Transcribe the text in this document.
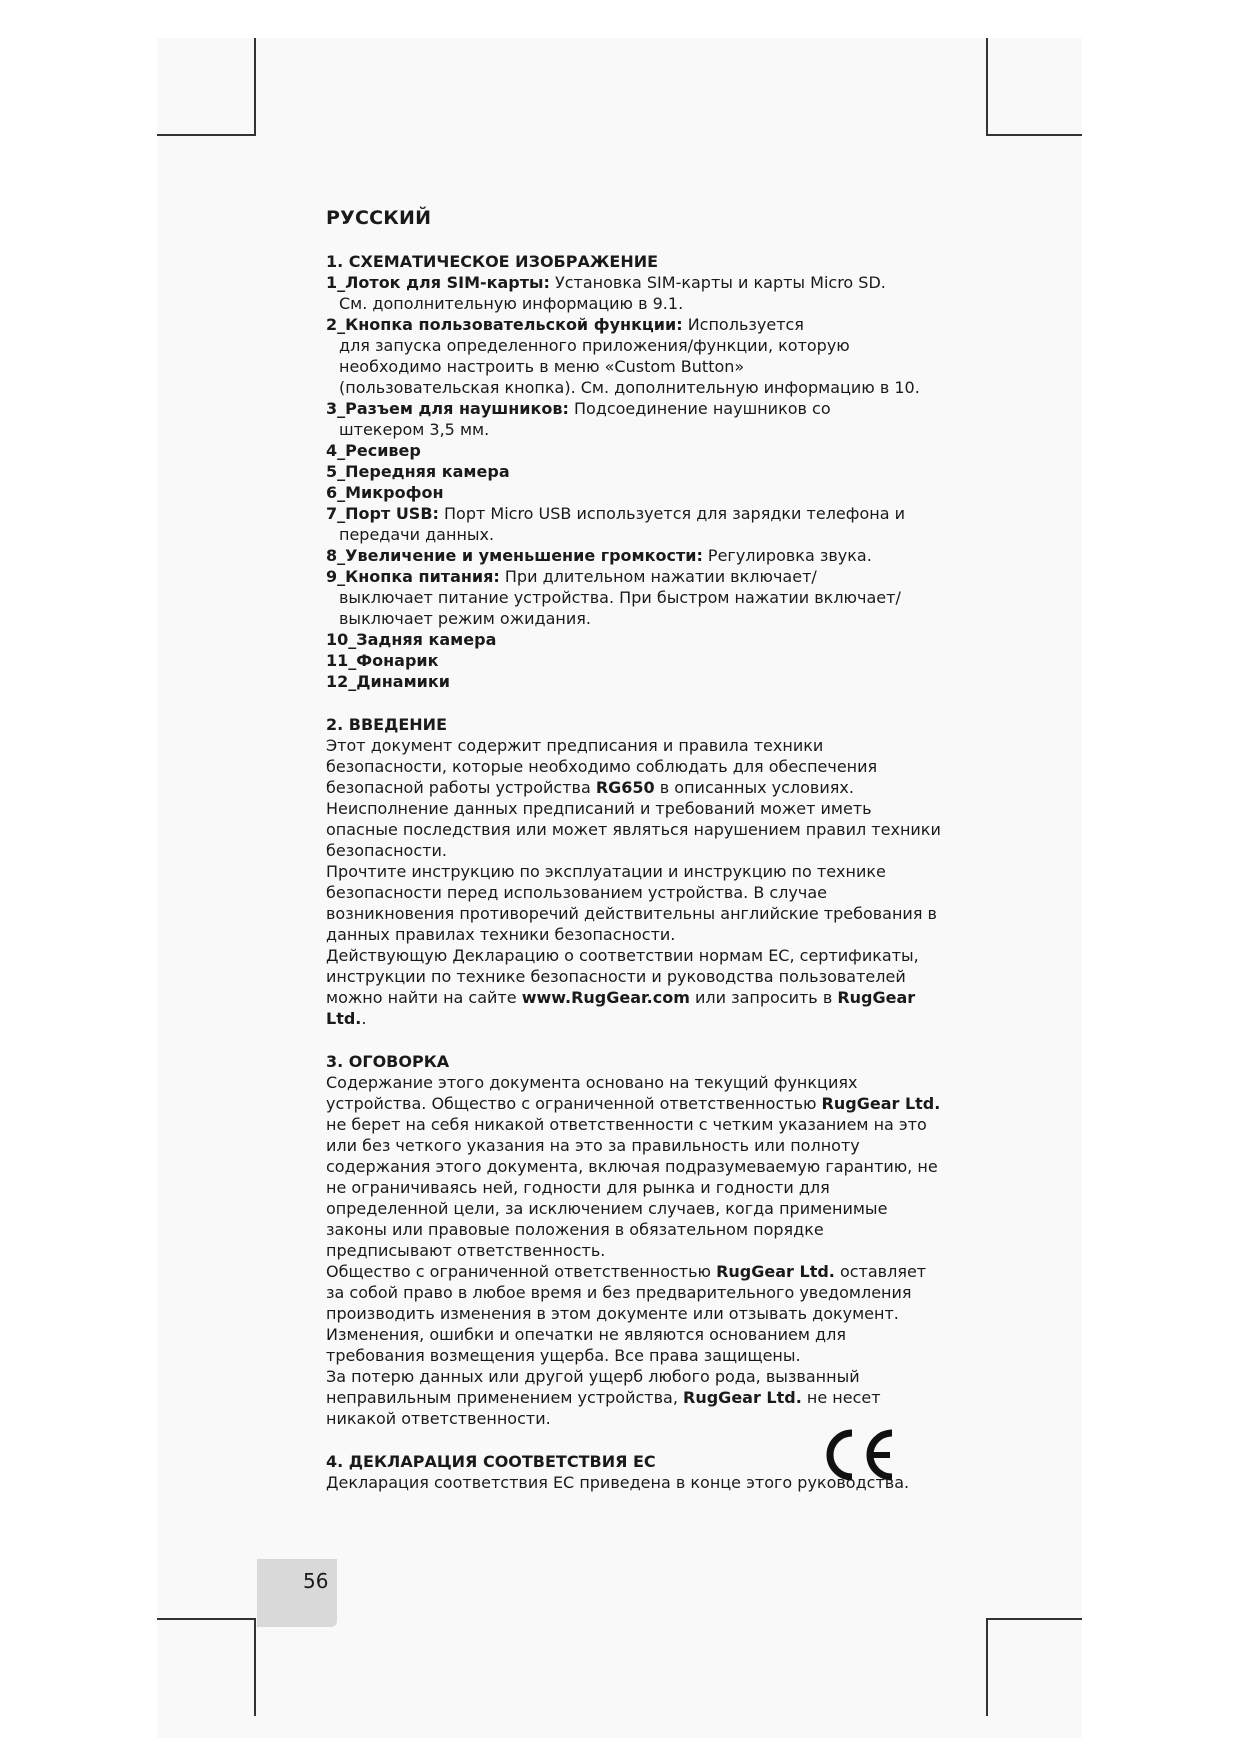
РУССКИЙ
1. СХЕМАТИЧЕСКОЕ ИЗОБРАЖЕНИЕ
1_Лоток для SIM-карты: Установка SIM-карты и карты Micro SD.
См. дополнительную информацию в 9.1.
2_Кнопка пользовательской функции: Используется
для запуска определенного приложения/функции, которую
необходимо настроить в меню «Custom Button»
(пользовательская кнопка). См. дополнительную информацию в 10.
3_Разъем для наушников: Подсоединение наушников со
штекером 3,5 мм.
4_Ресивер
5_Передняя камера
6_Микрофон
7_Порт USB: Порт Micro USB используется для зарядки телефона и
передачи данных.
8_Увеличение и уменьшение громкости: Регулировка звука.
9_Кнопка питания: При длительном нажатии включает/
выключает питание устройства. При быстром нажатии включает/
выключает режим ожидания.
10_Задняя камера
11_Фонарик
12_Динамики
2. ВВЕДЕНИЕ

Этот документ содержит предписания и правила техники безопасности, которые необходимо соблюдать для обеспечения безопасной работы устройства RG650 в описанных условиях.

Неисполнение данных предписаний и требований может иметь опасные последствия или может являться нарушением правил техники безопасности.

Прочтите инструкцию по эксплуатации и инструкцию по технике безопасности перед использованием устройства. В случае возникновения противоречий действительны английские требования в данных правилах техники безопасности.

Действующую Декларацию о соответствии нормам ЕС, сертификаты, инструкции по технике безопасности и руководства пользователей можно найти на сайте www.RugGear.com или запросить в RugGear Ltd..

3. ОГОВОРКА

Содержание этого документа основано на текущий функциях устройства. Общество с ограниченной ответственностью RugGear Ltd. не берет на себя никакой ответственности с четким указанием на это или без четкого указания на это за правильность или полноту содержания этого документа, включая подразумеваемую гарантию, не не ограничиваясь ней, годности для рынка и годности для определенной цели, за исключением случаев, когда применимые законы или правовые положения в обязательном порядке предписывают ответственность.

Общество с ограниченной ответственностью RugGear Ltd. оставляет за собой право в любое время и без предварительного уведомления производить изменения в этом документе или отзывать документ.

Изменения, ошибки и опечатки не являются основанием для требования возмещения ущерба. Все права защищены.

За потерю данных или другой ущерб любого рода, вызванный неправильным применением устройства, RugGear Ltd. не несет никакой ответственности.

4. ДЕКЛАРАЦИЯ СООТВЕТСТВИЯ ЕС

Декларация соответствия ЕС приведена в конце этого руководства.

56
